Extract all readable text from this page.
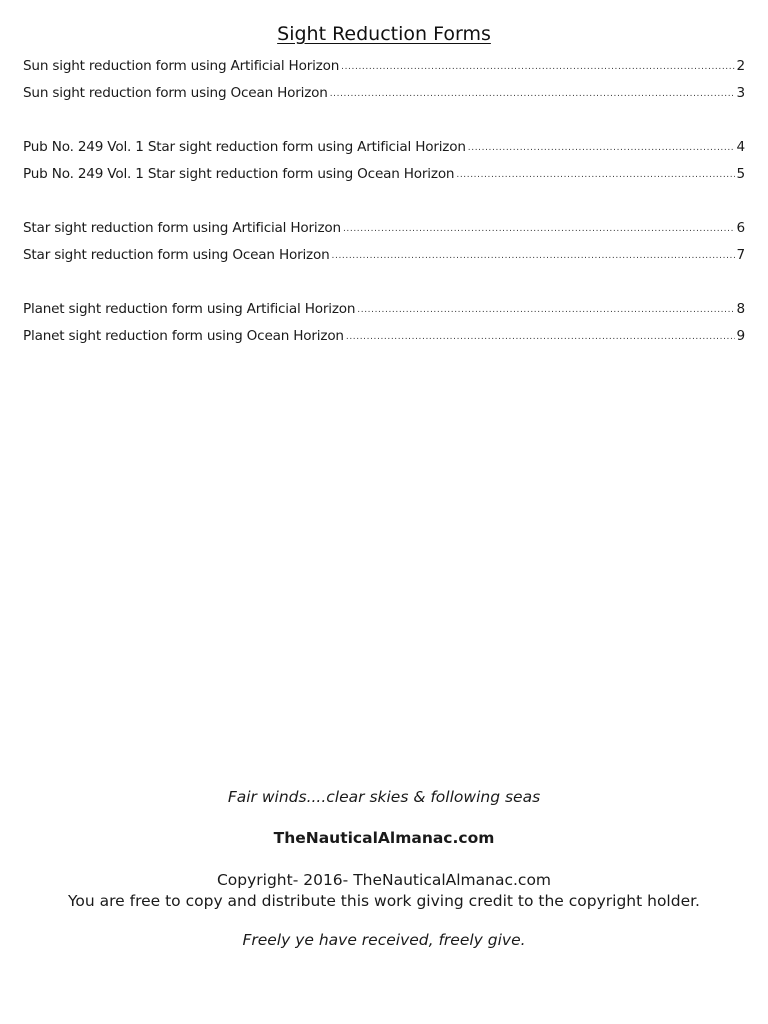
Sight Reduction Forms
Sun sight reduction form using Artificial Horizon .....	2
Sun sight reduction form using Ocean Horizon .....	3
Pub No. 249 Vol. 1 Star sight reduction form using Artificial Horizon .....	4
Pub No. 249 Vol. 1 Star sight reduction form using Ocean Horizon .....	5
Star sight reduction form using Artificial Horizon .....	6
Star sight reduction form using Ocean Horizon .....	7
Planet sight reduction form using Artificial Horizon .....	8
Planet sight reduction form using Ocean Horizon .....	9
Fair winds....clear skies & following seas
TheNauticalAlmanac.com
Copyright- 2016- TheNauticalAlmanac.com
You are free to copy and distribute this work giving credit to the copyright holder.
Freely ye have received, freely give.
